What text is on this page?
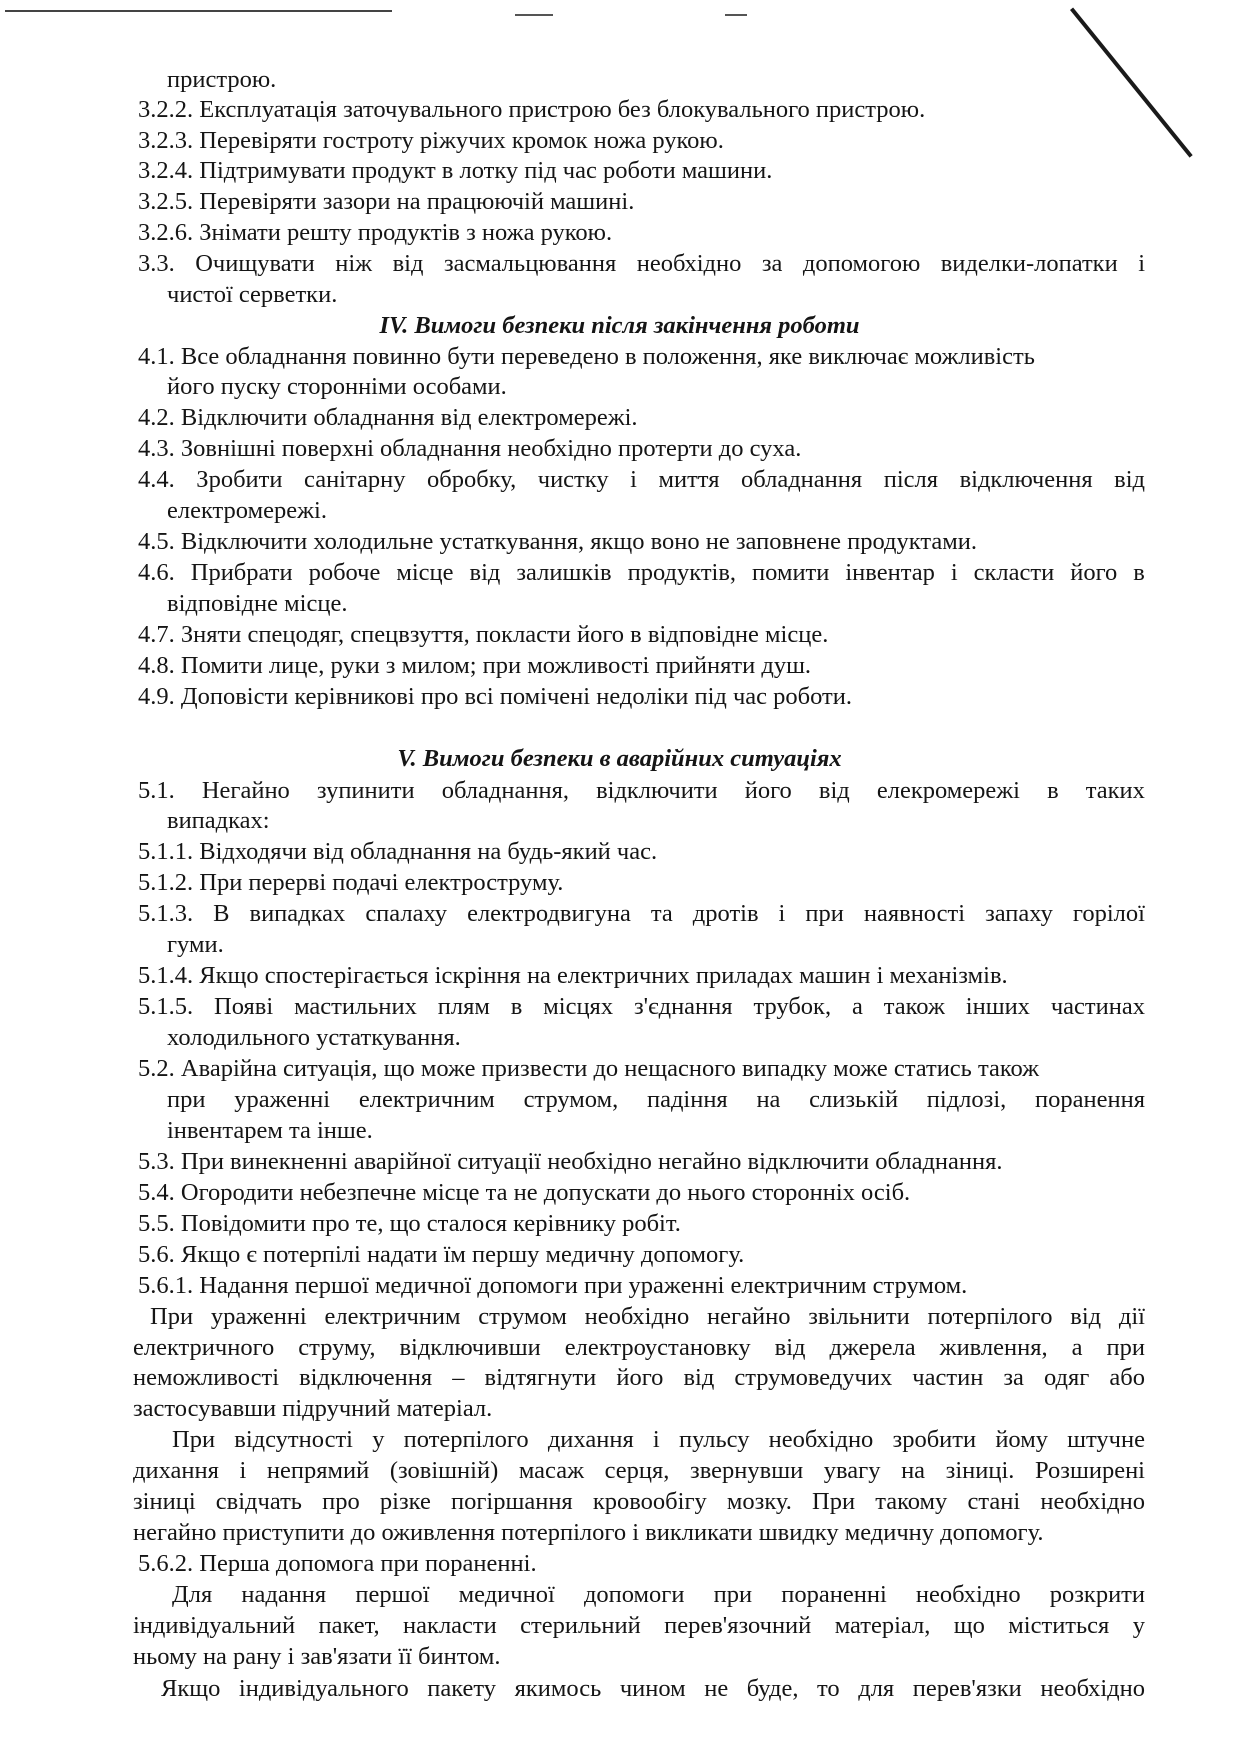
пристрою.
3.2.2. Експлуатація заточувального пристрою без блокувального пристрою.
3.2.3. Перевіряти гостроту ріжучих кромок ножа рукою.
3.2.4. Підтримувати продукт в лотку під час роботи машини.
3.2.5. Перевіряти зазори на працюючій машині.
3.2.6. Знімати решту продуктів з ножа рукою.
3.3. Очищувати ніж від засмальцювання необхідно за допомогою виделки-лопатки і
чистої серветки.
IV. Вимоги безпеки після закінчення роботи
4.1. Все обладнання повинно бути переведено в положення, яке виключає можливість
йогo пуску сторонніми особами.
4.2. Відключити обладнання від електромережі.
4.3. Зовнішні поверхні обладнання необхідно протерти до суха.
4.4. Зробити санітарну обробку, чистку і миття обладнання після відключення від
електромережі.
4.5. Відключити холодильне устаткування, якщо воно не заповнене продуктами.
4.6. Прибрати робоче місце від залишків продуктів, помити інвентар і скласти його в
відповідне місце.
4.7. Зняти спецодяг, спецвзуття, покласти його в відповідне місце.
4.8. Помити лице, руки з милом; при можливості прийняти душ.
4.9. Доповісти керівникові про всі помічені недоліки під час роботи.
V. Вимоги безпеки в аварійних ситуаціях
5.1. Негайно зупинити обладнання, відключити його від елекромережі в таких
випадках:
5.1.1. Відходячи від обладнання на будь-який час.
5.1.2. При перерві подачі електроструму.
5.1.3. В випадках спалаху електродвигуна та дротів і при наявності запаху горілої
гуми.
5.1.4. Якщо спостерігається іскріння на електричних приладах машин і механізмів.
5.1.5. Появі мастильних плям в місцях з'єднання трубок, а також інших частинах
холодильного устаткування.
5.2. Аварійна ситуація, що може призвести до нещасного випадку може статись також
при ураженні електричним струмом, падіння на слизькій підлозі, поранення
інвентарем та інше.
5.3. При винекненні аварійної ситуації необхідно негайно відключити обладнання.
5.4. Огородити небезпечне місце та не допускати до нього сторонніх осіб.
5.5. Повідомити про те, що сталося керівнику робіт.
5.6. Якщо є потерпілі надати їм першу медичну допомогу.
5.6.1. Надання першої медичної допомоги при ураженні електричним струмом.
При ураженні електричним струмом необхідно негайно звільнити потерпілого від дії
електричного струму, відключивши електроустановку від джерела живлення, а при
неможливості відключення – відтягнути його від струмоведучих частин за одяг або
застосувавши підручний матеріал.
При відсутності у потерпілого дихання і пульсу необхідно зробити йому штучне
дихання і непрямий (зовішній) масаж серця, звернувши увагу на зіниці. Розширені
зіниці свідчать про різке погіршання кровообігу мозку. При такому стані необхідно
негайно приступити до оживлення потерпілого і викликати швидку медичну допомогу.
5.6.2. Перша допомога при пораненні.
Для надання першої медичної допомоги при пораненні необхідно розкрити
індивідуальний пакет, накласти стерильний перев'язочний матеріал, що міститься у
ньому на рану і зав'язати її бинтом.
Якщо індивідуального пакету якимось чином не буде, то для перев'язки необхідно
